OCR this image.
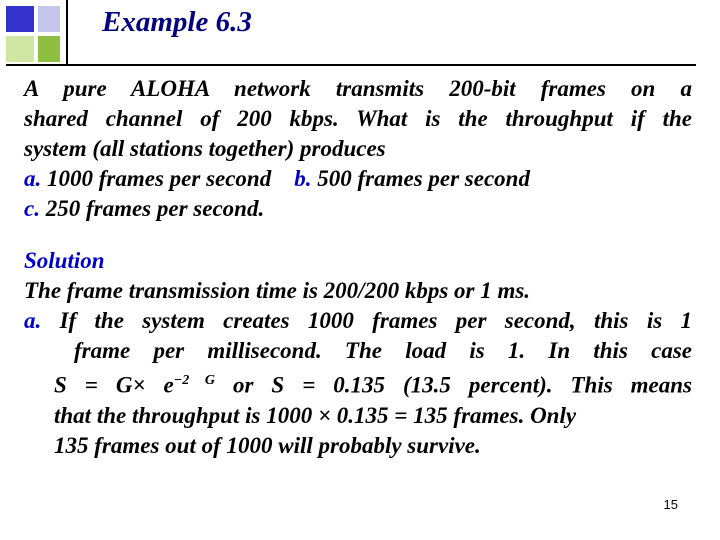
Example 6.3

A pure ALOHA network transmits 200-bit frames on a

shared channel of 200 kbps. What is the throughput if the

system (all stations together) produces

a. 1000 frames per second b. 500 frames per second

c. 250 frames per second.

Solution

The frame transmission time is 200/200 kbps or 1 ms.

a. If the system creates 1000 frames per second, this is 1

frame per millisecond. The load is 1. In this case

$S = G\times e^{-2 G}$ or S = 0.135 (13.5 percent). This means

that the throughput is 1000 × 0.135 = 135 frames. Only

135 frames out of 1000 will probably survive.

15
